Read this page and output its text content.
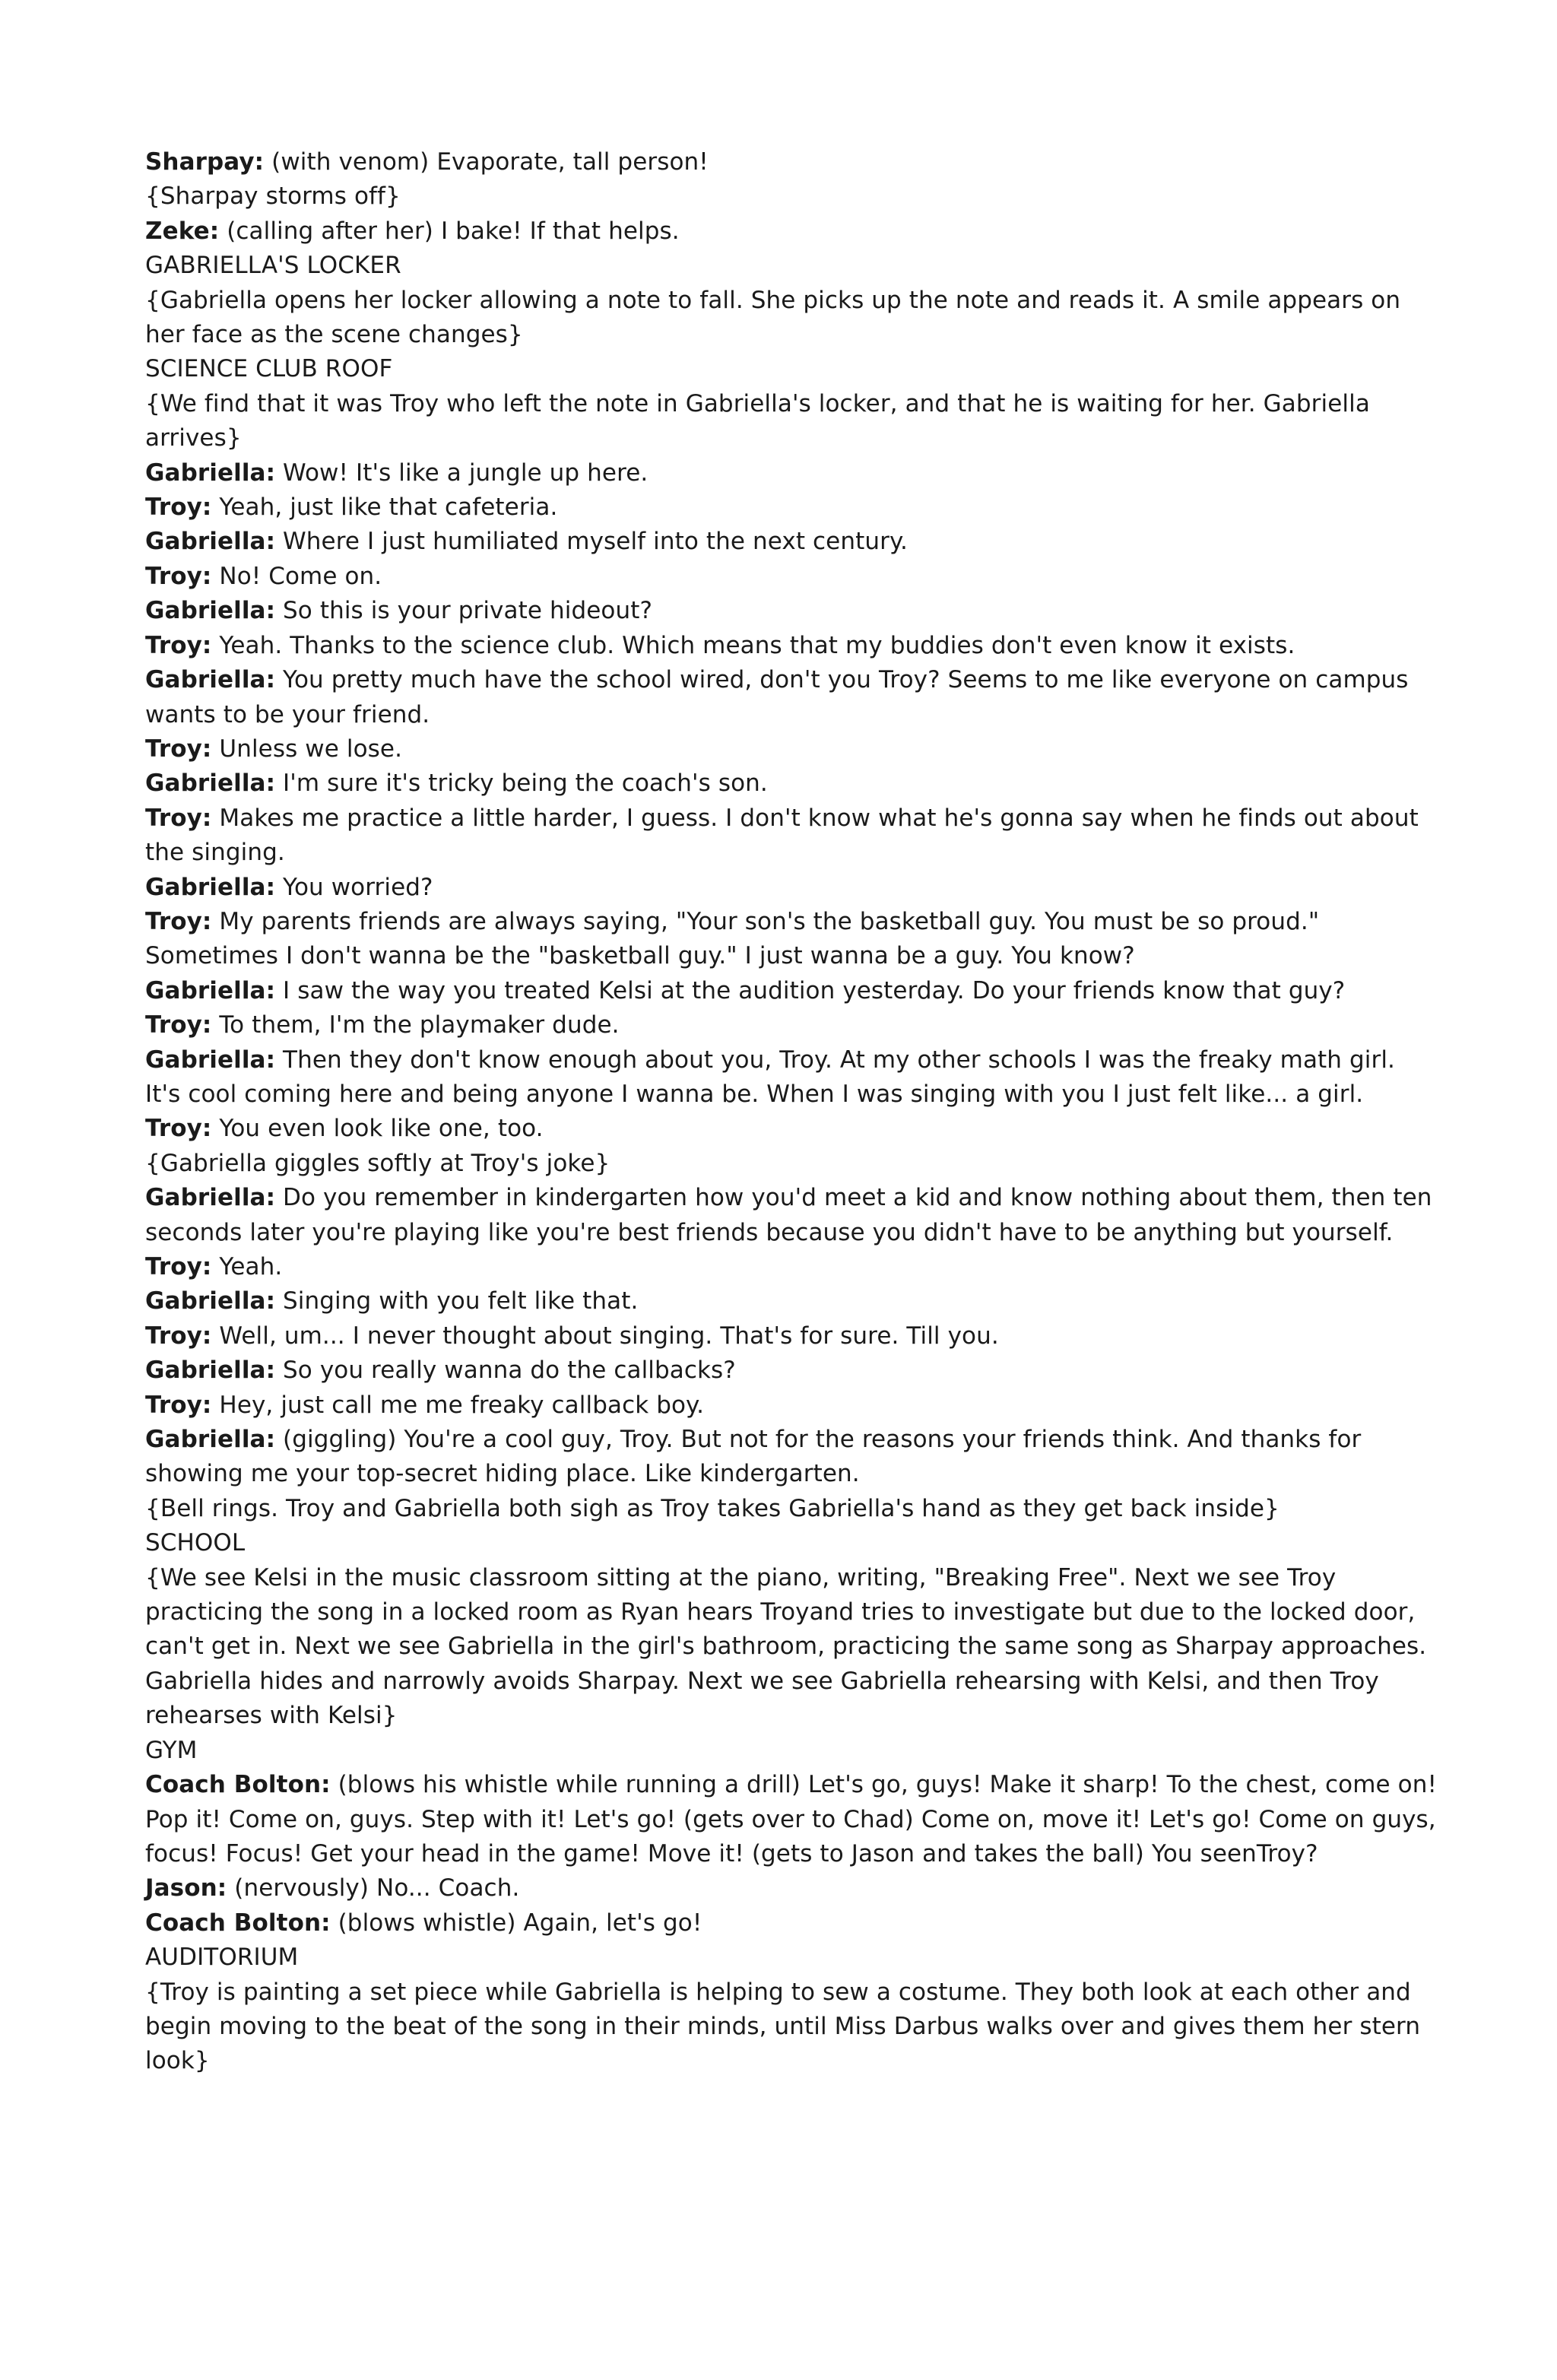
Sharpay: (with venom) Evaporate, tall person!

{Sharpay storms off}

Zeke: (calling after her) I bake! If that helps.

GABRIELLA'S LOCKER

{Gabriella opens her locker allowing a note to fall. She picks up the note and reads it. A smile appears on her face as the scene changes}

SCIENCE CLUB ROOF

{We find that it was Troy who left the note in Gabriella's locker, and that he is waiting for her. Gabriella arrives}

Gabriella: Wow! It's like a jungle up here.

Troy: Yeah, just like that cafeteria.

Gabriella: Where I just humiliated myself into the next century.

Troy: No! Come on.

Gabriella: So this is your private hideout?

Troy: Yeah. Thanks to the science club. Which means that my buddies don't even know it exists.

Gabriella: You pretty much have the school wired, don't you Troy? Seems to me like everyone on campus wants to be your friend.

Troy: Unless we lose.

Gabriella: I'm sure it's tricky being the coach's son.

Troy: Makes me practice a little harder, I guess. I don't know what he's gonna say when he finds out about the singing.

Gabriella: You worried?

Troy: My parents friends are always saying, "Your son's the basketball guy. You must be so proud." Sometimes I don't wanna be the "basketball guy." I just wanna be a guy. You know?

Gabriella: I saw the way you treated Kelsi at the audition yesterday. Do your friends know that guy?

Troy: To them, I'm the playmaker dude.

Gabriella: Then they don't know enough about you, Troy. At my other schools I was the freaky math girl. It's cool coming here and being anyone I wanna be. When I was singing with you I just felt like... a girl.

Troy: You even look like one, too.

{Gabriella giggles softly at Troy's joke}

Gabriella: Do you remember in kindergarten how you'd meet a kid and know nothing about them, then ten seconds later you're playing like you're best friends because you didn't have to be anything but yourself.

Troy: Yeah.

Gabriella: Singing with you felt like that.

Troy: Well, um... I never thought about singing. That's for sure. Till you.

Gabriella: So you really wanna do the callbacks?

Troy: Hey, just call me me freaky callback boy.

Gabriella: (giggling) You're a cool guy, Troy. But not for the reasons your friends think. And thanks for showing me your top-secret hiding place. Like kindergarten.

{Bell rings. Troy and Gabriella both sigh as Troy takes Gabriella's hand as they get back inside}

SCHOOL

{We see Kelsi in the music classroom sitting at the piano, writing, "Breaking Free". Next we see Troy practicing the song in a locked room as Ryan hears Troyand tries to investigate but due to the locked door, can't get in. Next we see Gabriella in the girl's bathroom, practicing the same song as Sharpay approaches. Gabriella hides and narrowly avoids Sharpay. Next we see Gabriella rehearsing with Kelsi, and then Troy rehearses with Kelsi}

GYM

Coach Bolton: (blows his whistle while running a drill) Let's go, guys! Make it sharp! To the chest, come on! Pop it! Come on, guys. Step with it! Let's go! (gets over to Chad) Come on, move it! Let's go! Come on guys, focus! Focus! Get your head in the game! Move it! (gets to Jason and takes the ball) You seenTroy?

Jason: (nervously) No... Coach.

Coach Bolton: (blows whistle) Again, let's go!

AUDITORIUM

{Troy is painting a set piece while Gabriella is helping to sew a costume. They both look at each other and begin moving to the beat of the song in their minds, until Miss Darbus walks over and gives them her stern look}
